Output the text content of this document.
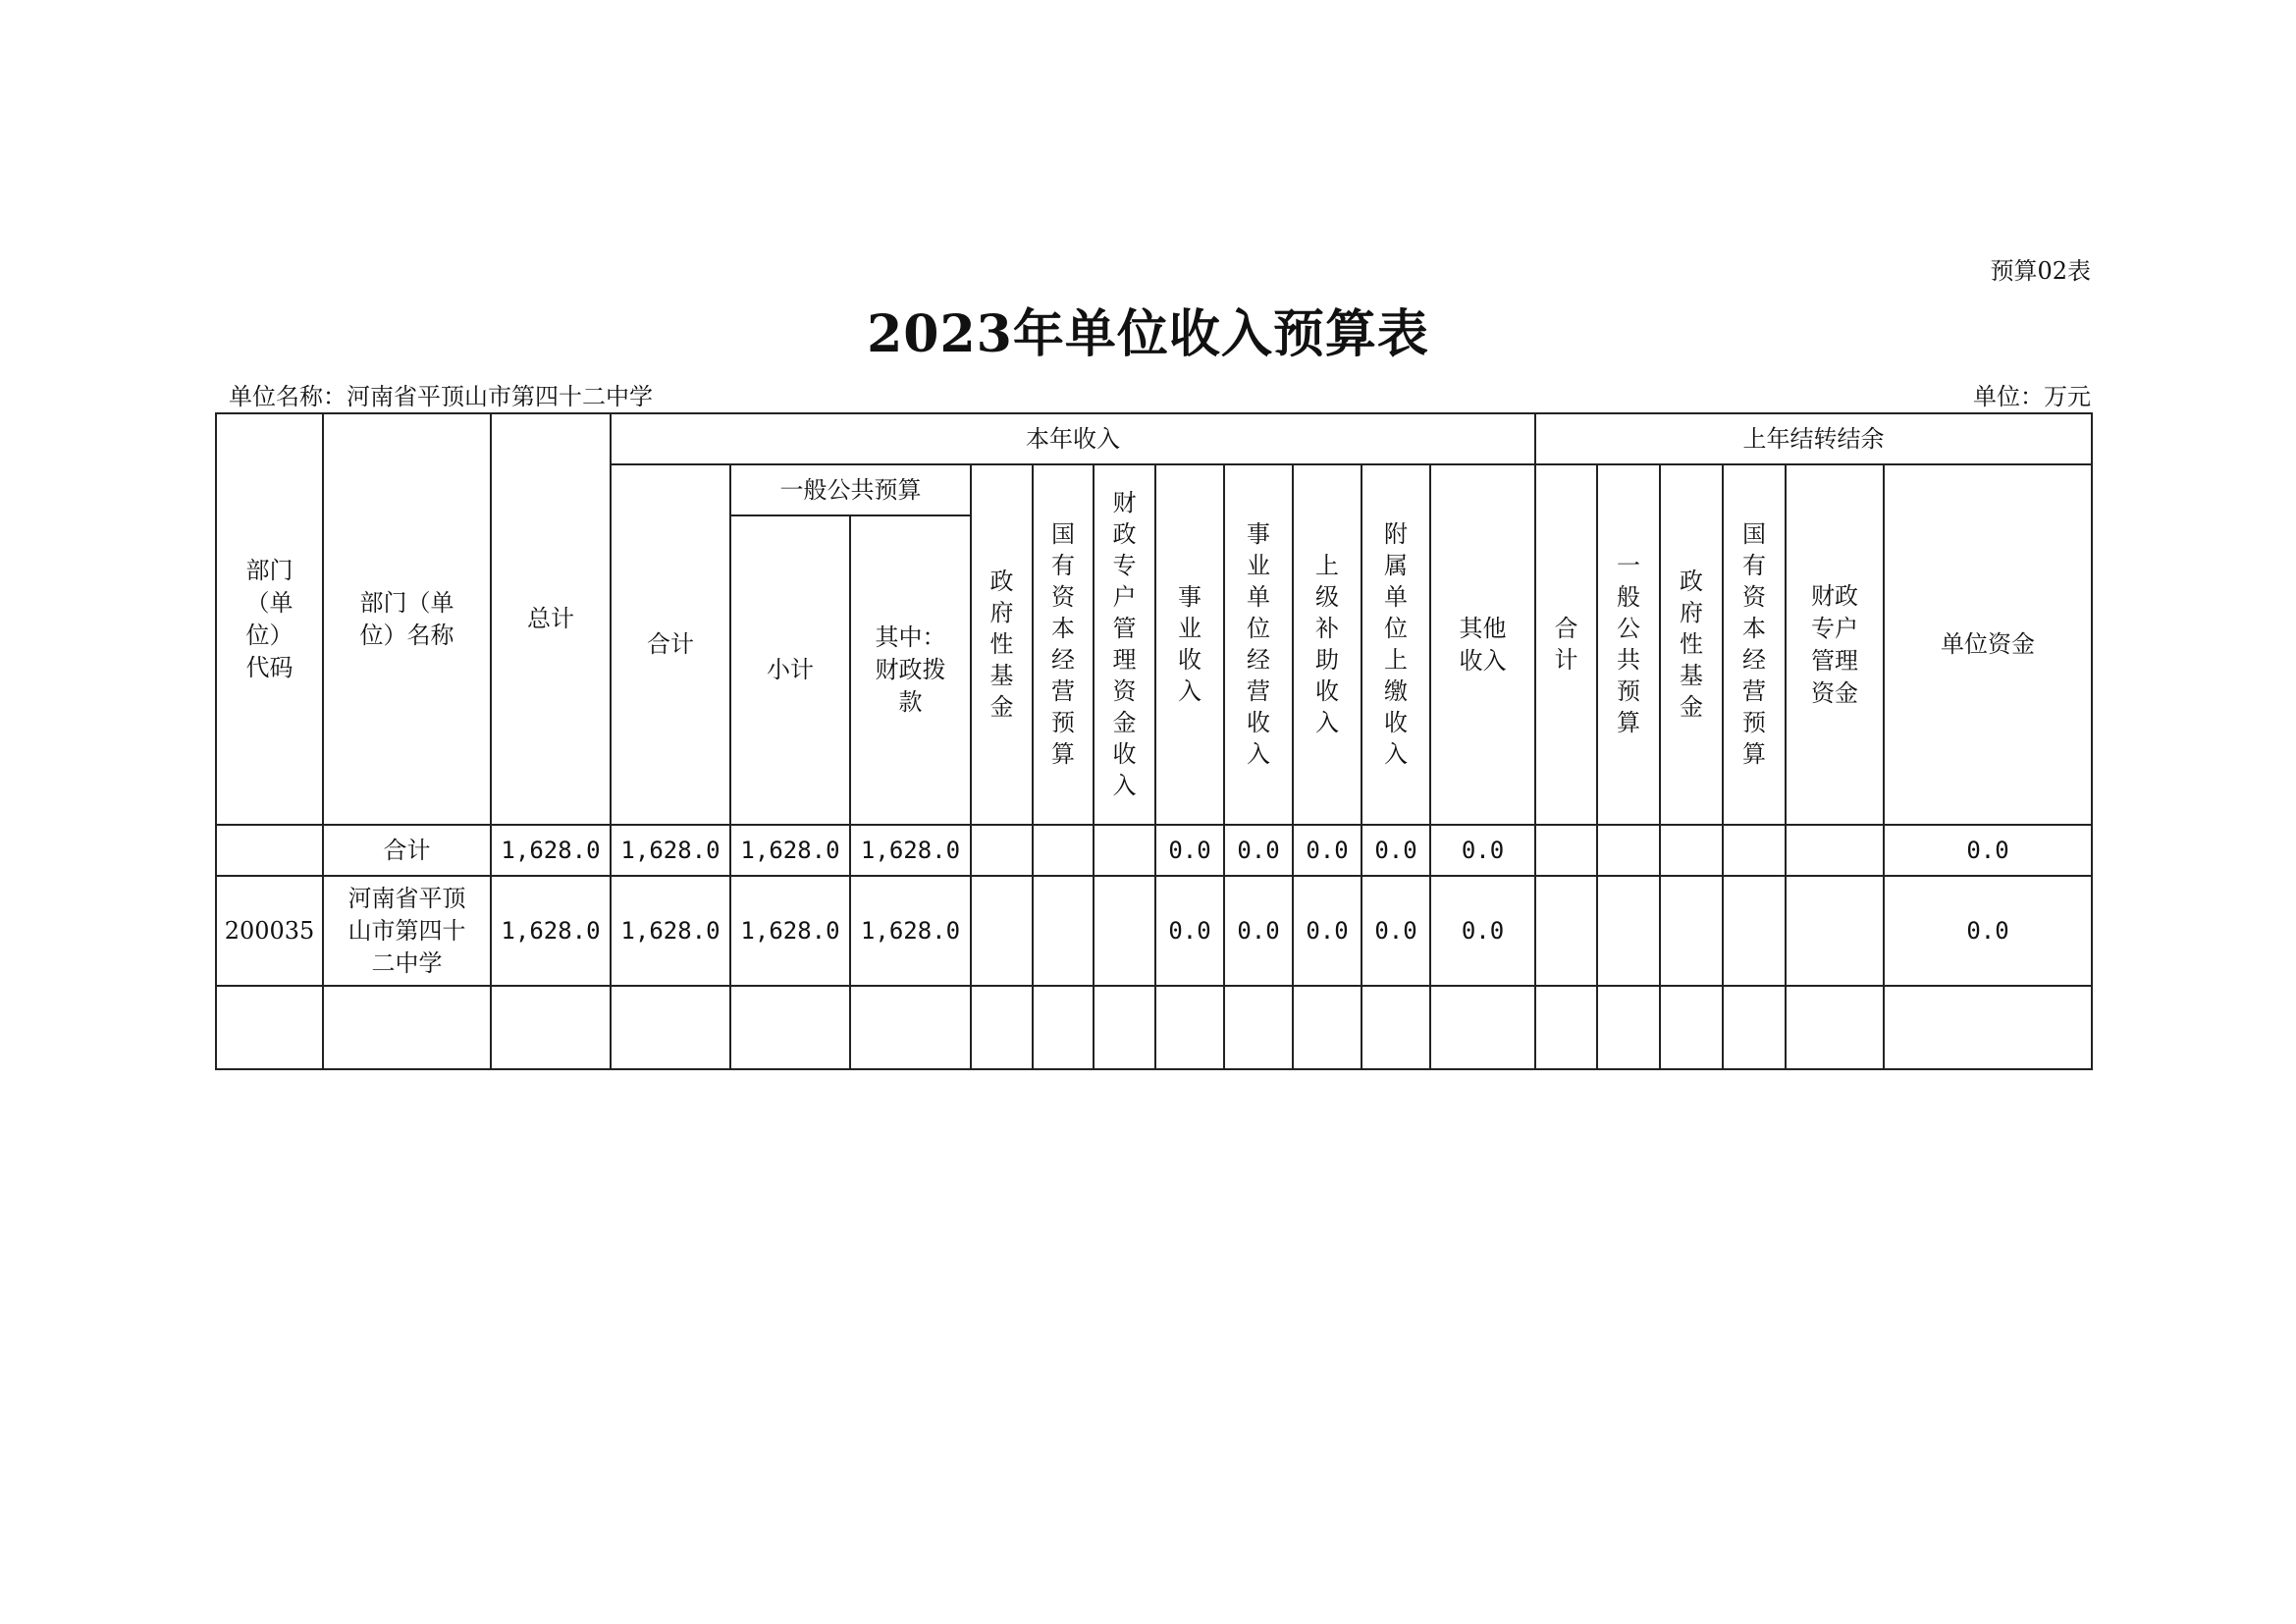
预算02表
2023年单位收入预算表
单位名称：河南省平顶山市第四十二中学	单位：万元
部门（单位）代码	部门（单位）名称	总计	本年收入											上年结转结余					
			合计	一般公共预算		政府性基金	国有资本经营预算	财政专户管理资金收入	事业收入	事业单位经营收入	上级补助收入	附属单位上缴收入	其他收入	合计	一般公共预算	政府性基金	国有资本经营预算	财政专户管理资金	单位资金
				小计	其中：财政拨款														
	合计	1,628.0	1,628.0	1,628.0	1,628.0				0.0	0.0	0.0	0.0	0.0						0.0
200035	河南省平顶山市第四十二中学	1,628.0	1,628.0	1,628.0	1,628.0				0.0	0.0	0.0	0.0	0.0						0.0
